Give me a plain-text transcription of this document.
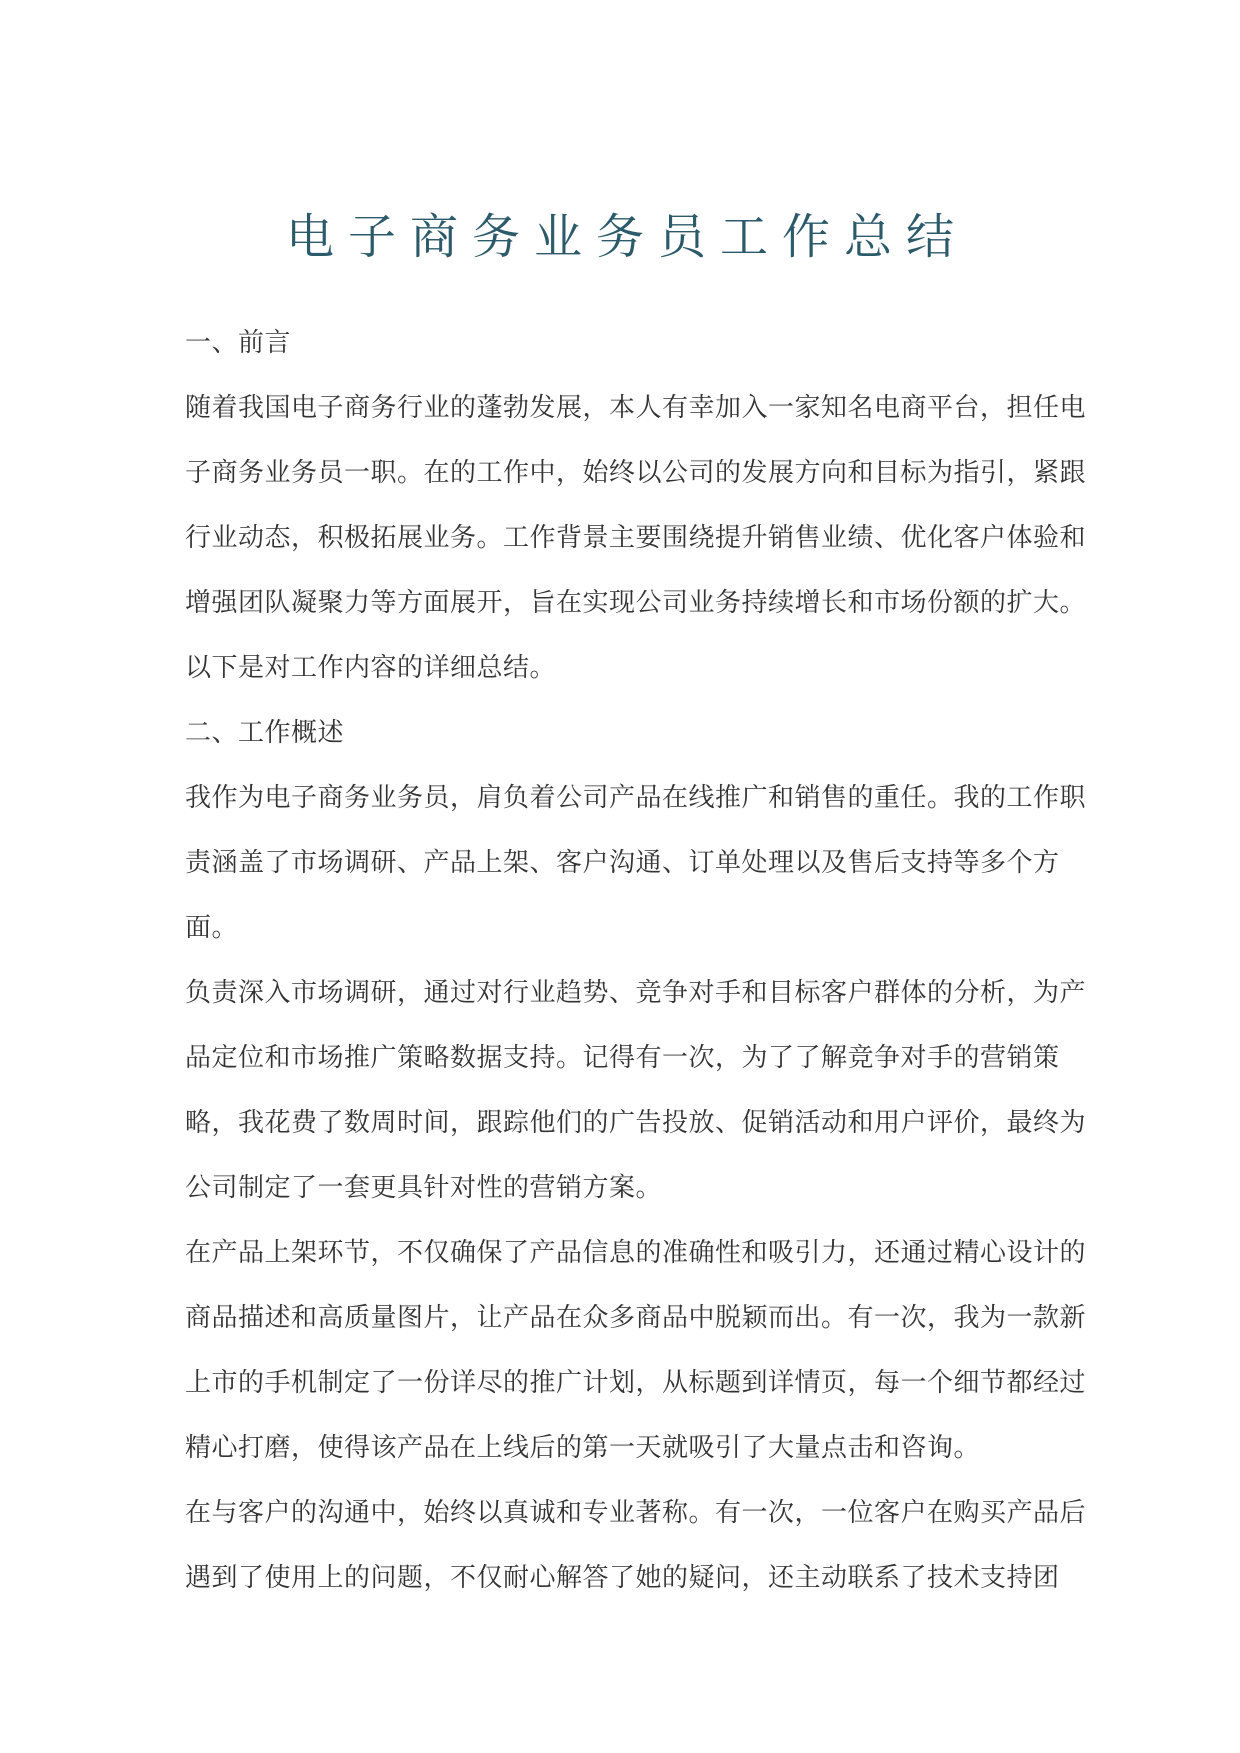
电子商务业务员工作总结
一、前言
随着我国电子商务行业的蓬勃发展，本人有幸加入一家知名电商平台，担任电
子商务业务员一职。在的工作中，始终以公司的发展方向和目标为指引，紧跟
行业动态，积极拓展业务。工作背景主要围绕提升销售业绩、优化客户体验和
增强团队凝聚力等方面展开，旨在实现公司业务持续增长和市场份额的扩大。
以下是对工作内容的详细总结。
二、工作概述
我作为电子商务业务员，肩负着公司产品在线推广和销售的重任。我的工作职
责涵盖了市场调研、产品上架、客户沟通、订单处理以及售后支持等多个方
面。
负责深入市场调研，通过对行业趋势、竞争对手和目标客户群体的分析，为产
品定位和市场推广策略数据支持。记得有一次，为了了解竞争对手的营销策
略，我花费了数周时间，跟踪他们的广告投放、促销活动和用户评价，最终为
公司制定了一套更具针对性的营销方案。
在产品上架环节，不仅确保了产品信息的准确性和吸引力，还通过精心设计的
商品描述和高质量图片，让产品在众多商品中脱颖而出。有一次，我为一款新
上市的手机制定了一份详尽的推广计划，从标题到详情页，每一个细节都经过
精心打磨，使得该产品在上线后的第一天就吸引了大量点击和咨询。
在与客户的沟通中，始终以真诚和专业著称。有一次，一位客户在购买产品后
遇到了使用上的问题，不仅耐心解答了她的疑问，还主动联系了技术支持团
